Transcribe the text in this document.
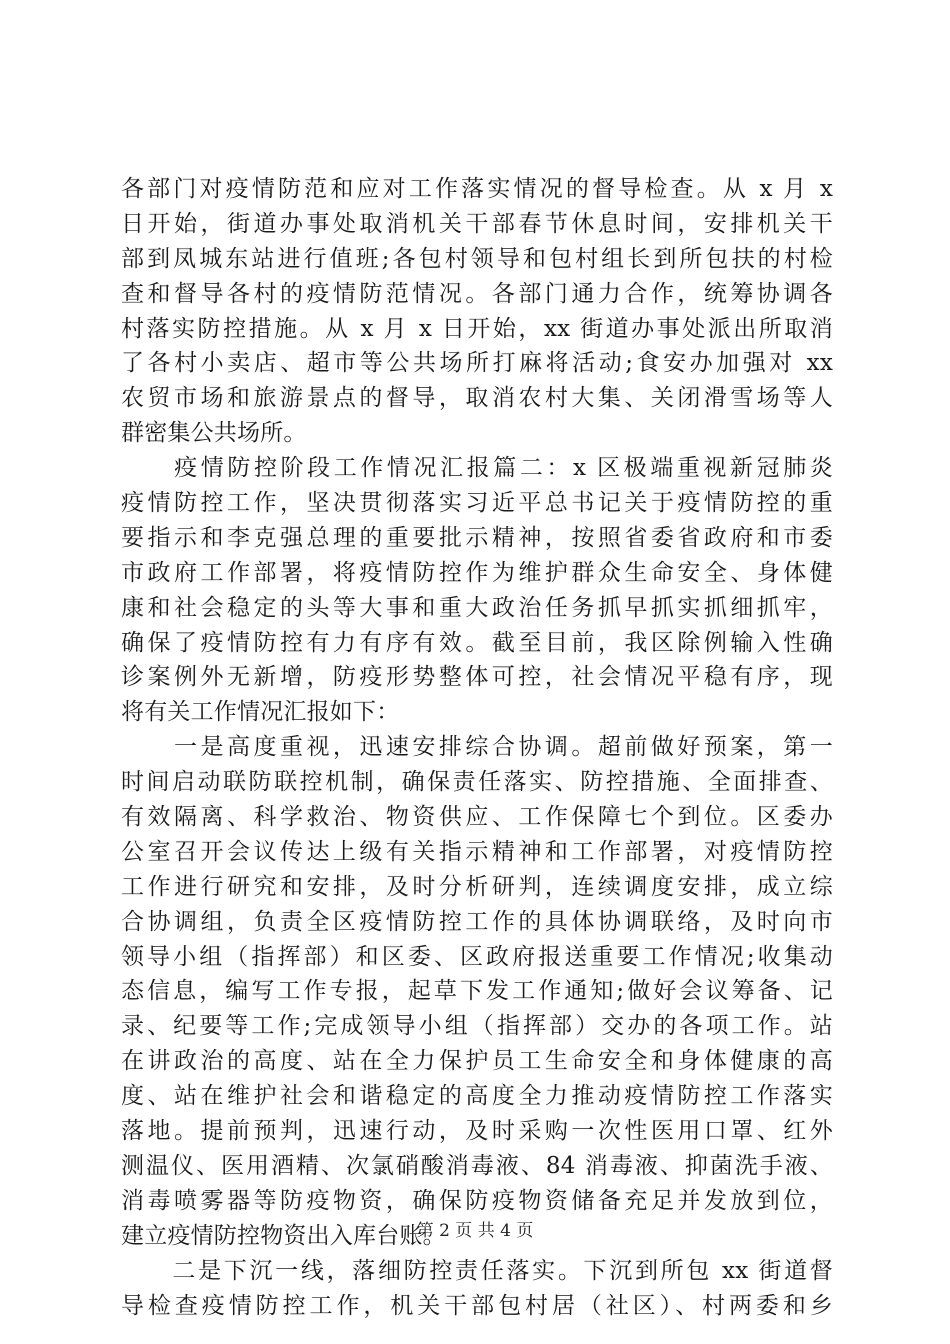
各部门对疫情防范和应对工作落实情况的督导检查。从 x 月 x
日开始，街道办事处取消机关干部春节休息时间，安排机关干
部到凤城东站进行值班;各包村领导和包村组长到所包扶的村检
查和督导各村的疫情防范情况。各部门通力合作，统筹协调各
村落实防控措施。从 x 月 x 日开始，xx 街道办事处派出所取消
了各村小卖店、超市等公共场所打麻将活动;食安办加强对 xx
农贸市场和旅游景点的督导，取消农村大集、关闭滑雪场等人
群密集公共场所。
　　疫情防控阶段工作情况汇报篇二：x 区极端重视新冠肺炎
疫情防控工作，坚决贯彻落实习近平总书记关于疫情防控的重
要指示和李克强总理的重要批示精神，按照省委省政府和市委
市政府工作部署，将疫情防控作为维护群众生命安全、身体健
康和社会稳定的头等大事和重大政治任务抓早抓实抓细抓牢，
确保了疫情防控有力有序有效。截至目前，我区除例输入性确
诊案例外无新增，防疫形势整体可控，社会情况平稳有序，现
将有关工作情况汇报如下：
　　一是高度重视，迅速安排综合协调。超前做好预案，第一
时间启动联防联控机制，确保责任落实、防控措施、全面排查、
有效隔离、科学救治、物资供应、工作保障七个到位。区委办
公室召开会议传达上级有关指示精神和工作部署，对疫情防控
工作进行研究和安排，及时分析研判，连续调度安排，成立综
合协调组，负责全区疫情防控工作的具体协调联络，及时向市
领导小组（指挥部）和区委、区政府报送重要工作情况;收集动
态信息，编写工作专报，起草下发工作通知;做好会议筹备、记
录、纪要等工作;完成领导小组（指挥部）交办的各项工作。站
在讲政治的高度、站在全力保护员工生命安全和身体健康的高
度、站在维护社会和谐稳定的高度全力推动疫情防控工作落实
落地。提前预判，迅速行动，及时采购一次性医用口罩、红外
测温仪、医用酒精、次氯硝酸消毒液、84 消毒液、抑菌洗手液、
消毒喷雾器等防疫物资，确保防疫物资储备充足并发放到位，
建立疫情防控物资出入库台账。
　　二是下沉一线，落细防控责任落实。下沉到所包 xx 街道督
导检查疫情防控工作，机关干部包村居（社区）、村两委和乡
第 2 页 共 4 页
